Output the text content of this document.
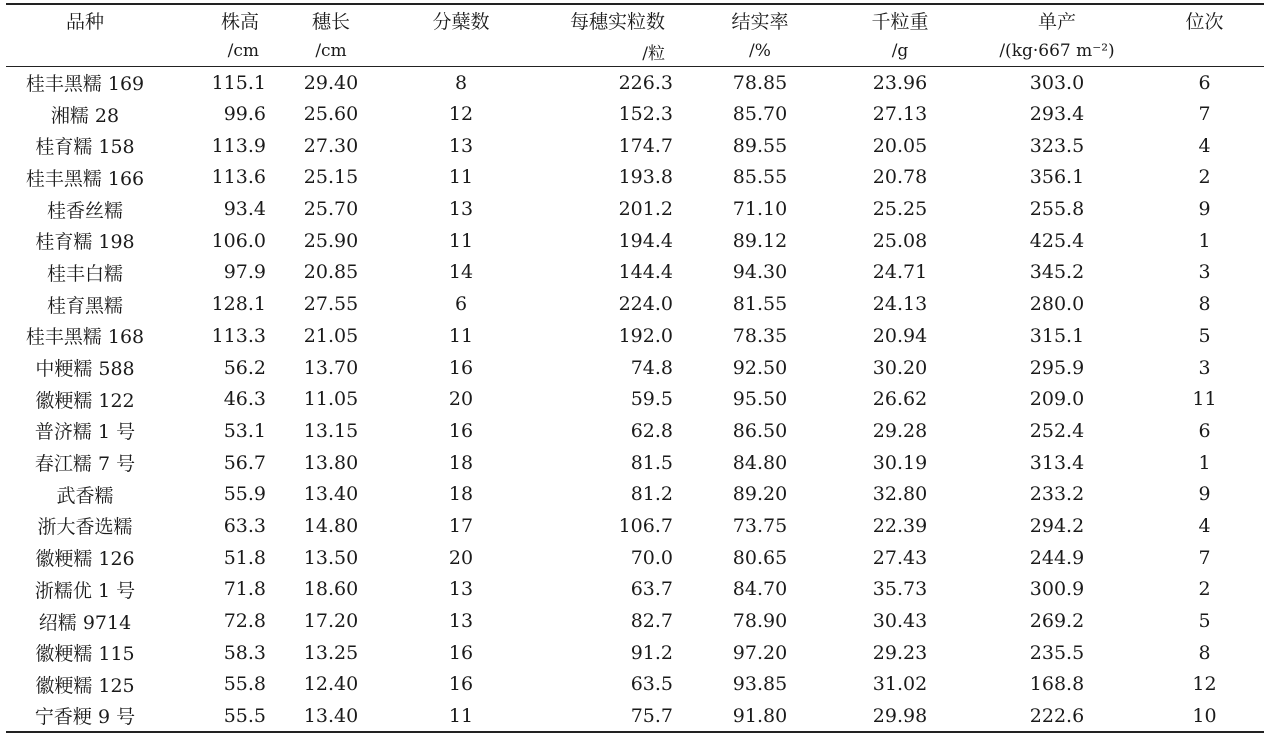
品种	株高	穗长	分蘖数	每穗实粒数	结实率	千粒重	单产	位次
	/cm	/cm		/粒	/%	/g	/(kg·667 m⁻²)	
桂丰黑糯 169	115.1	29.40	8	226.3	78.85	23.96	303.0	6
湘糯 28	99.6	25.60	12	152.3	85.70	27.13	293.4	7
桂育糯 158	113.9	27.30	13	174.7	89.55	20.05	323.5	4
桂丰黑糯 166	113.6	25.15	11	193.8	85.55	20.78	356.1	2
桂香丝糯	93.4	25.70	13	201.2	71.10	25.25	255.8	9
桂育糯 198	106.0	25.90	11	194.4	89.12	25.08	425.4	1
桂丰白糯	97.9	20.85	14	144.4	94.30	24.71	345.2	3
桂育黑糯	128.1	27.55	6	224.0	81.55	24.13	280.0	8
桂丰黑糯 168	113.3	21.05	11	192.0	78.35	20.94	315.1	5
中粳糯 588	56.2	13.70	16	74.8	92.50	30.20	295.9	3
徽粳糯 122	46.3	11.05	20	59.5	95.50	26.62	209.0	11
普济糯 1 号	53.1	13.15	16	62.8	86.50	29.28	252.4	6
春江糯 7 号	56.7	13.80	18	81.5	84.80	30.19	313.4	1
武香糯	55.9	13.40	18	81.2	89.20	32.80	233.2	9
浙大香选糯	63.3	14.80	17	106.7	73.75	22.39	294.2	4
徽粳糯 126	51.8	13.50	20	70.0	80.65	27.43	244.9	7
浙糯优 1 号	71.8	18.60	13	63.7	84.70	35.73	300.9	2
绍糯 9714	72.8	17.20	13	82.7	78.90	30.43	269.2	5
徽粳糯 115	58.3	13.25	16	91.2	97.20	29.23	235.5	8
徽粳糯 125	55.8	12.40	16	63.5	93.85	31.02	168.8	12
宁香粳 9 号	55.5	13.40	11	75.7	91.80	29.98	222.6	10
